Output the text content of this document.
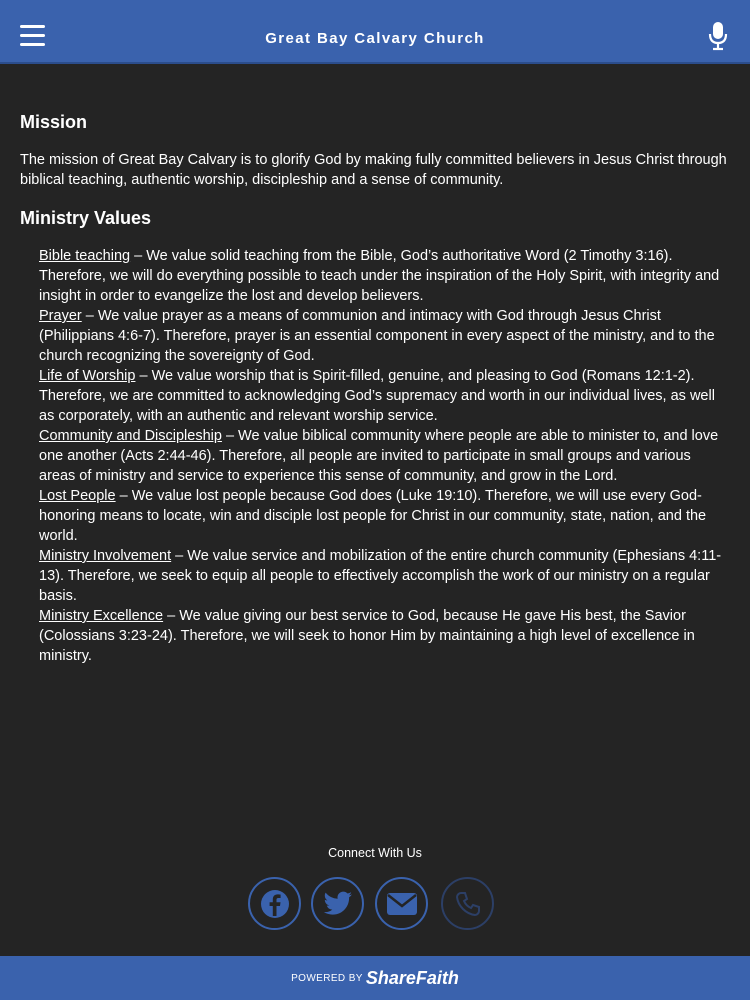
Great Bay Calvary Church
Mission

The mission of Great Bay Calvary is to glorify God by making fully committed believers in Jesus Christ through biblical teaching, authentic worship, discipleship and a sense of community.

Ministry Values

Bible teaching – We value solid teaching from the Bible, God’s authoritative Word (2 Timothy 3:16). Therefore, we will do everything possible to teach under the inspiration of the Holy Spirit, with integrity and insight in order to evangelize the lost and develop believers.

Prayer – We value prayer as a means of communion and intimacy with God through Jesus Christ (Philippians 4:6-7). Therefore, prayer is an essential component in every aspect of the ministry, and to the church recognizing the sovereignty of God.

Life of Worship – We value worship that is Spirit-filled, genuine, and pleasing to God (Romans 12:1-2). Therefore, we are committed to acknowledging God’s supremacy and worth in our individual lives, as well as corporately, with an authentic and relevant worship service.

Community and Discipleship – We value biblical community where people are able to minister to, and love one another (Acts 2:44-46). Therefore, all people are invited to participate in small groups and various areas of ministry and service to experience this sense of community, and grow in the Lord.

Lost People – We value lost people because God does (Luke 19:10). Therefore, we will use every God-honoring means to locate, win and disciple lost people for Christ in our community, state, nation, and the world.

Ministry Involvement – We value service and mobilization of the entire church community (Ephesians 4:11-13). Therefore, we seek to equip all people to effectively accomplish the work of our ministry on a regular basis.

Ministry Excellence – We value giving our best service to God, because He gave His best, the Savior (Colossians 3:23-24). Therefore, we will seek to honor Him by maintaining a high level of excellence in ministry.

Connect With Us
POWERED BY ShareFaith
